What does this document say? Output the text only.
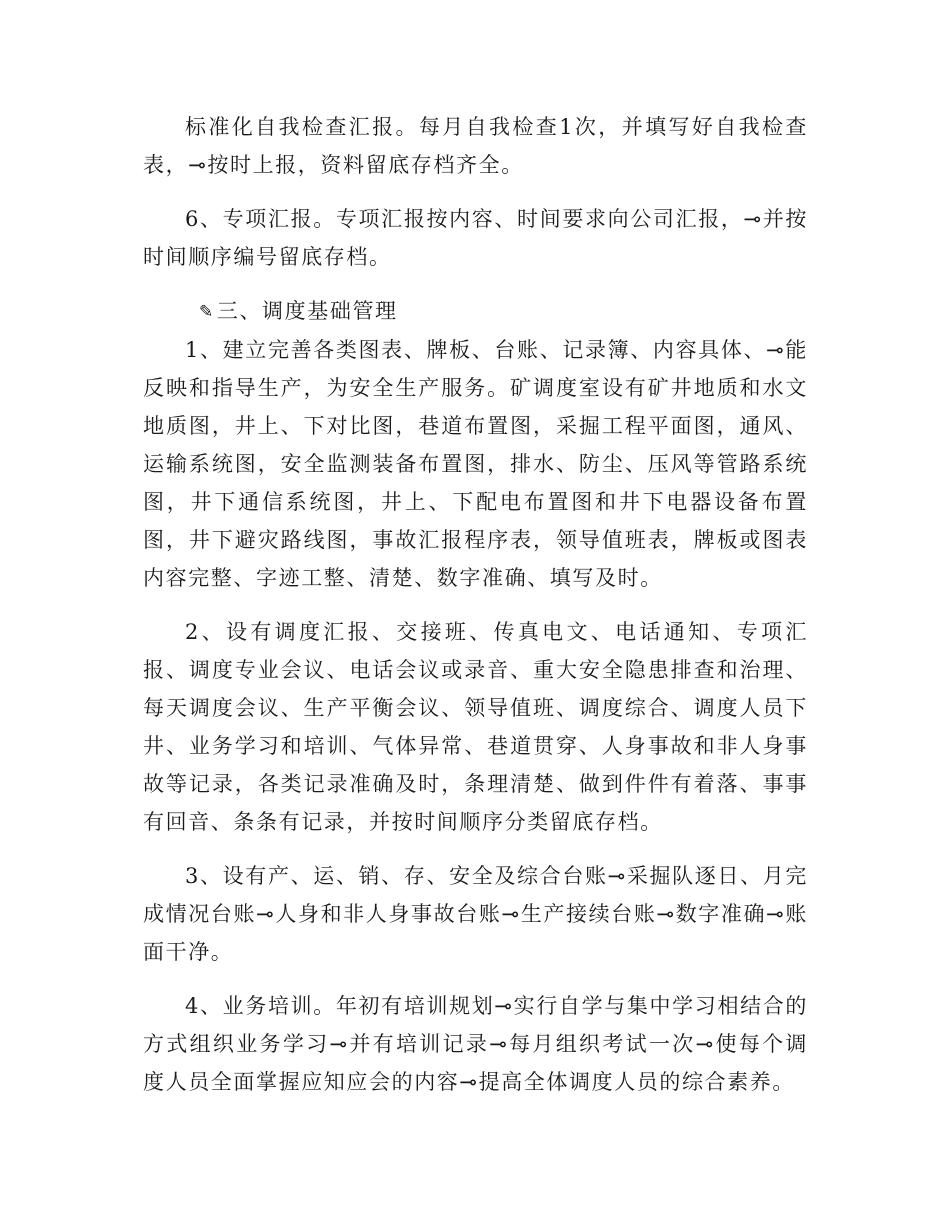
标准化自我检查汇报。每月自我检查1次，并填写好自我检查表，⊸按时上报，资料留底存档齐全。

6、专项汇报。专项汇报按内容、时间要求向公司汇报，⊸并按时间顺序编号留底存档。

✎三、调度基础管理

1、建立完善各类图表、牌板、台账、记录簿、内容具体、⊸能反映和指导生产，为安全生产服务。矿调度室设有矿井地质和水文地质图，井上、下对比图，巷道布置图，采掘工程平面图，通风、运输系统图，安全监测装备布置图，排水、防尘、压风等管路系统图，井下通信系统图，井上、下配电布置图和井下电器设备布置图，井下避灾路线图，事故汇报程序表，领导值班表，牌板或图表内容完整、字迹工整、清楚、数字准确、填写及时。

2、设有调度汇报、交接班、传真电文、电话通知、专项汇报、调度专业会议、电话会议或录音、重大安全隐患排查和治理、每天调度会议、生产平衡会议、领导值班、调度综合、调度人员下井、业务学习和培训、气体异常、巷道贯穿、人身事故和非人身事故等记录，各类记录准确及时，条理清楚、做到件件有着落、事事有回音、条条有记录，并按时间顺序分类留底存档。

3、设有产、运、销、存、安全及综合台账⊸采掘队逐日、月完成情况台账⊸人身和非人身事故台账⊸生产接续台账⊸数字准确⊸账面干净。

4、业务培训。年初有培训规划⊸实行自学与集中学习相结合的方式组织业务学习⊸并有培训记录⊸每月组织考试一次⊸使每个调度人员全面掌握应知应会的内容⊸提高全体调度人员的综合素养。
